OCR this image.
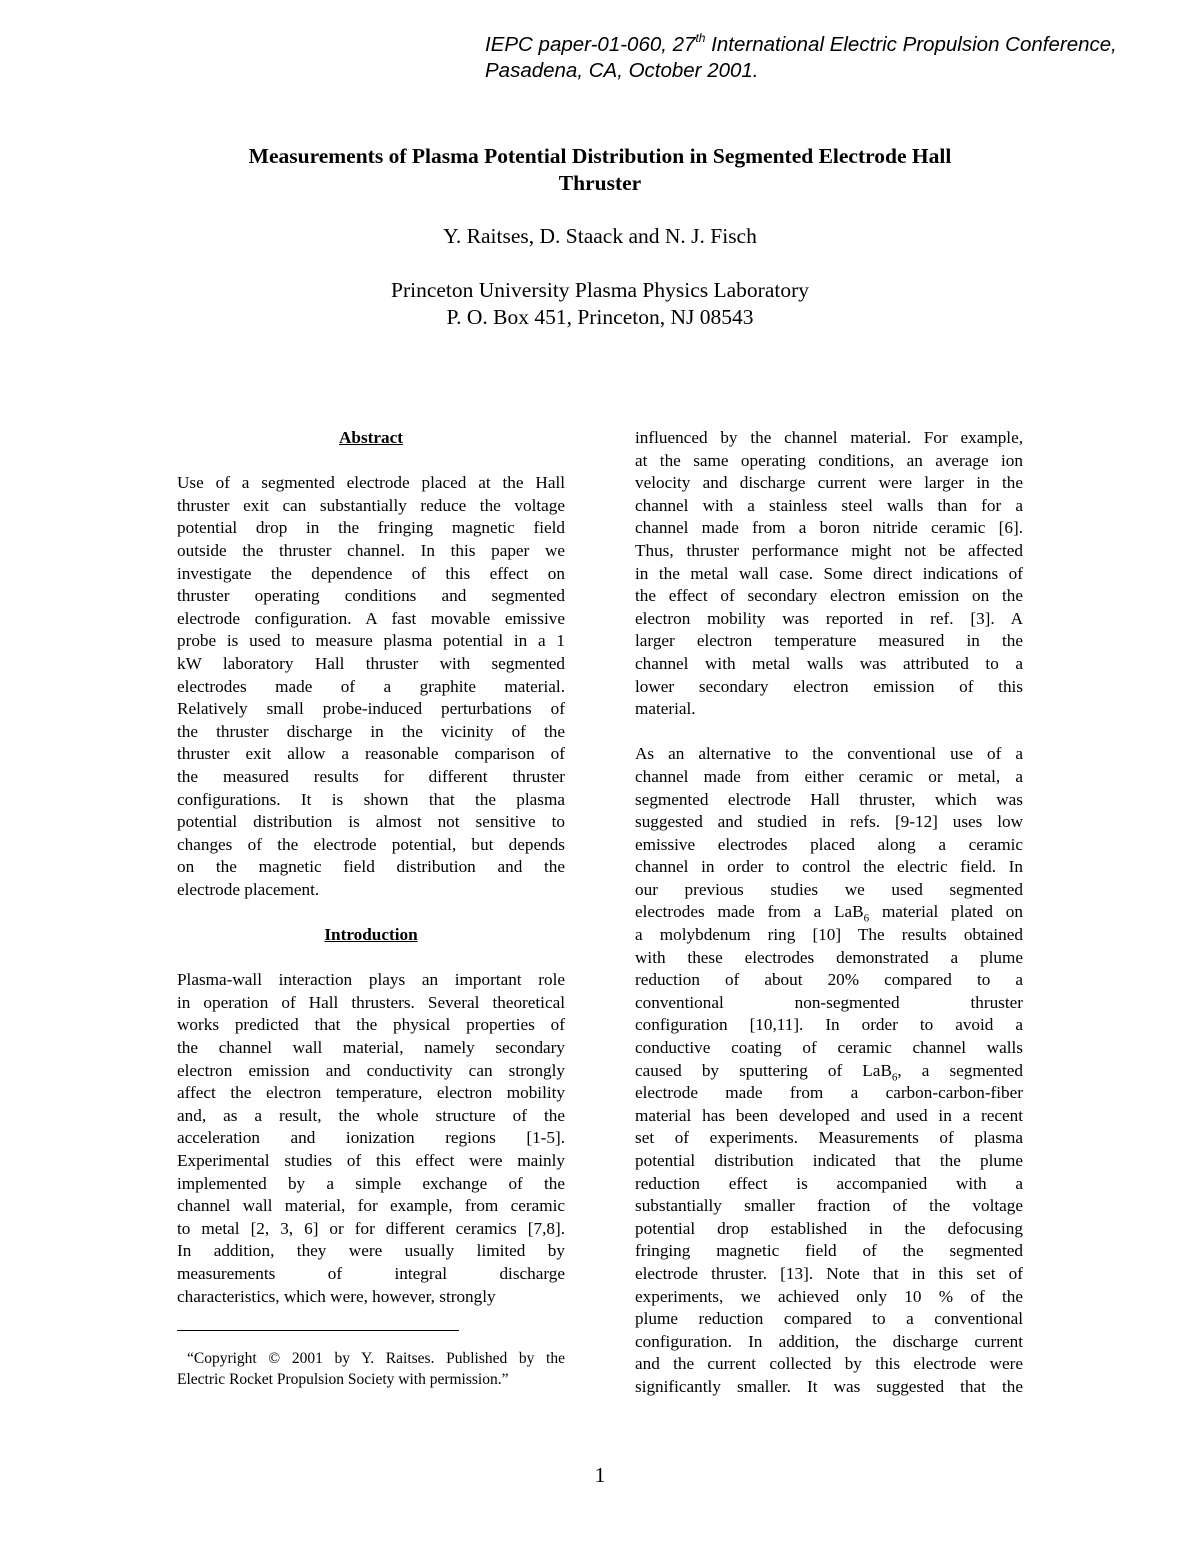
IEPC paper-01-060, 27th International Electric Propulsion Conference,
Pasadena, CA, October 2001.
Measurements of Plasma Potential Distribution in Segmented Electrode Hall
Thruster
Y. Raitses, D. Staack and N. J. Fisch
Princeton University Plasma Physics Laboratory
P. O. Box 451, Princeton, NJ 08543
Abstract
Use of a segmented electrode placed at the Hall
thruster exit can substantially reduce the voltage
potential drop in the fringing magnetic field
outside the thruster channel. In this paper we
investigate the dependence of this effect on
thruster operating conditions and segmented
electrode configuration. A fast movable emissive
probe is used to measure plasma potential in a 1
kW laboratory Hall thruster with segmented
electrodes made of a graphite material.
Relatively small probe-induced perturbations of
the thruster discharge in the vicinity of the
thruster exit allow a reasonable comparison of
the measured results for different thruster
configurations. It is shown that the plasma
potential distribution is almost not sensitive to
changes of the electrode potential, but depends
on the magnetic field distribution and the
electrode placement.
Introduction
Plasma-wall interaction plays an important role
in operation of Hall thrusters. Several theoretical
works predicted that the physical properties of
the channel wall material, namely secondary
electron emission and conductivity can strongly
affect the electron temperature, electron mobility
and, as a result, the whole structure of the
acceleration and ionization regions [1-5].
Experimental studies of this effect were mainly
implemented by a simple exchange of the
channel wall material, for example, from ceramic
to metal [2, 3, 6] or for different ceramics [7,8].
In addition, they were usually limited by
measurements of integral discharge
characteristics, which were, however, strongly
“Copyright © 2001 by Y. Raitses. Published by the
Electric Rocket Propulsion Society with permission.”
influenced by the channel material. For example,
at the same operating conditions, an average ion
velocity and discharge current were larger in the
channel with a stainless steel walls than for a
channel made from a boron nitride ceramic [6].
Thus, thruster performance might not be affected
in the metal wall case. Some direct indications of
the effect of secondary electron emission on the
electron mobility was reported in ref. [3]. A
larger electron temperature measured in the
channel with metal walls was attributed to a
lower secondary electron emission of this
material.
As an alternative to the conventional use of a
channel made from either ceramic or metal, a
segmented electrode Hall thruster, which was
suggested and studied in refs. [9-12] uses low
emissive electrodes placed along a ceramic
channel in order to control the electric field. In
our previous studies we used segmented
electrodes made from a LaB$_6$ material plated on
a molybdenum ring [10] The results obtained
with these electrodes demonstrated a plume
reduction of about 20% compared to a
conventional non-segmented thruster
configuration [10,11]. In order to avoid a
conductive coating of ceramic channel walls
caused by sputtering of LaB$_6$, a segmented
electrode made from a carbon-carbon-fiber
material has been developed and used in a recent
set of experiments. Measurements of plasma
potential distribution indicated that the plume
reduction effect is accompanied with a
substantially smaller fraction of the voltage
potential drop established in the defocusing
fringing magnetic field of the segmented
electrode thruster. [13]. Note that in this set of
experiments, we achieved only 10 % of the
plume reduction compared to a conventional
configuration. In addition, the discharge current
and the current collected by this electrode were
significantly smaller. It was suggested that the
1
